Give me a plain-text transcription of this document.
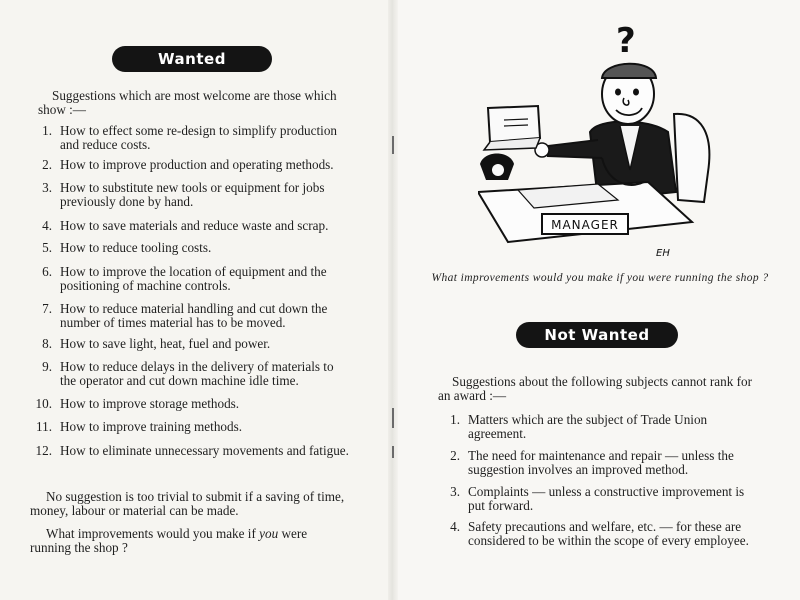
Wanted
Suggestions which are most welcome are those which show :—
1. How to effect some re-design to simplify production and reduce costs.
2. How to improve production and operating methods.
3. How to substitute new tools or equipment for jobs previously done by hand.
4. How to save materials and reduce waste and scrap.
5. How to reduce tooling costs.
6. How to improve the location of equipment and the positioning of machine controls.
7. How to reduce material handling and cut down the number of times material has to be moved.
8. How to save light, heat, fuel and power.
9. How to reduce delays in the delivery of materials to the operator and cut down machine idle time.
10. How to improve storage methods.
11. How to improve training methods.
12. How to eliminate unnecessary movements and fatigue.
No suggestion is too trivial to submit if a saving of time, money, labour or material can be made.
What improvements would you make if you were running the shop ?
?
MANAGER
EH
What improvements would you make if you were running the shop ?
Not Wanted
Suggestions about the following subjects cannot rank for an award :—
1. Matters which are the subject of Trade Union agreement.
2. The need for maintenance and repair — unless the suggestion involves an improved method.
3. Complaints — unless a constructive improvement is put forward.
4. Safety precautions and welfare, etc. — for these are considered to be within the scope of every employee.
